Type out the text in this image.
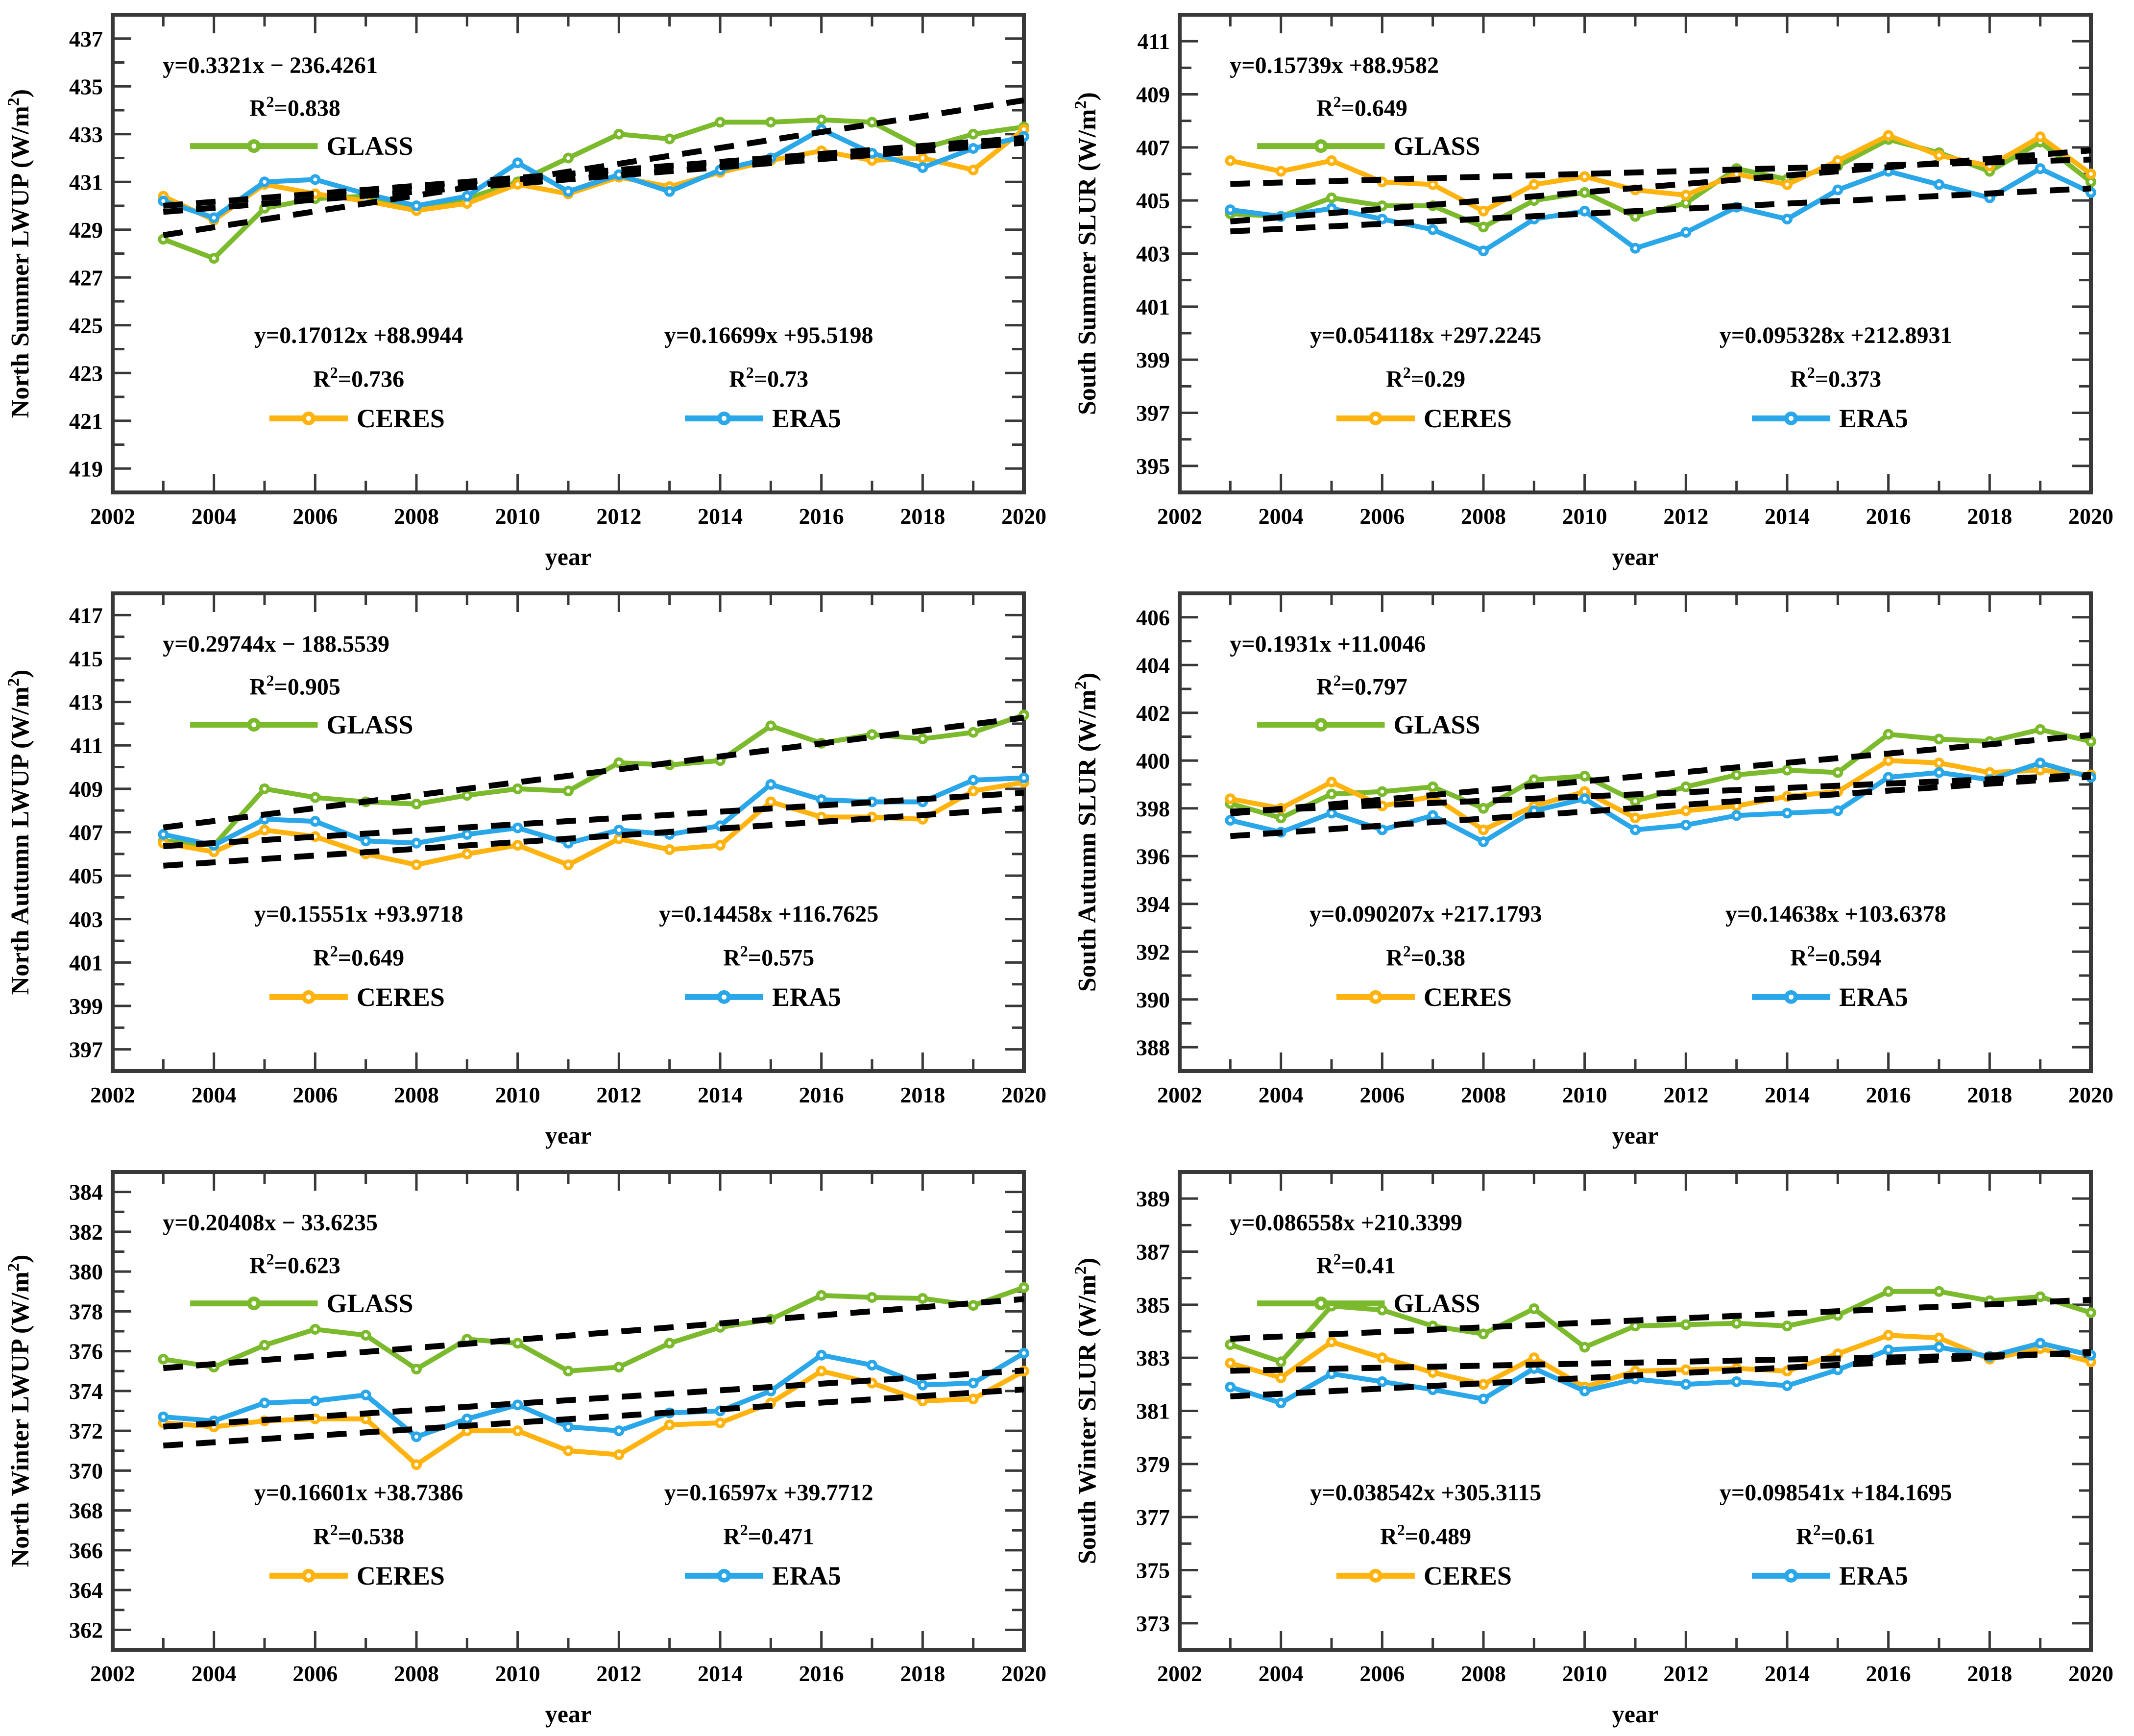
419
421
423
425
427
429
431
433
435
437
2002 2004 2006 2008 2010 2012 2014 2016 2018 2020
North Summer LWUP $(W/m^2)$
year
y=0.3321x − 236.4261
$R^2=0.838$
GLASS
y=0.17012x +88.9944
$R^2=0.736$
CERES
y=0.16699x +95.5198
$R^2=0.73$
ERA5
395
397
399
401
403
405
407
409
411
2002 2004 2006 2008 2010 2012 2014 2016 2018 2020
South Summer SLUR $(W/m^2)$
year
y=0.15739x +88.9582
$R^2=0.649$
GLASS
y=0.054118x +297.2245
$R^2=0.29$
CERES
y=0.095328x +212.8931
$R^2=0.373$
ERA5
397
399
401
403
405
407
409
411
413
415
417
2002 2004 2006 2008 2010 2012 2014 2016 2018 2020
North Autumn LWUP $(W/m^2)$
year
y=0.29744x − 188.5539
$R^2=0.905$
GLASS
y=0.15551x +93.9718
$R^2=0.649$
CERES
y=0.14458x +116.7625
$R^2=0.575$
ERA5
388
390
392
394
396
398
400
402
404
406
2002 2004 2006 2008 2010 2012 2014 2016 2018 2020
South Autumn SLUR $(W/m^2)$
year
y=0.1931x +11.0046
$R^2=0.797$
GLASS
y=0.090207x +217.1793
$R^2=0.38$
CERES
y=0.14638x +103.6378
$R^2=0.594$
ERA5
362
364
366
368
370
372
374
376
378
380
382
384
2002 2004 2006 2008 2010 2012 2014 2016 2018 2020
North Winter LWUP $(W/m^2)$
year
y=0.20408x − 33.6235
$R^2=0.623$
GLASS
y=0.16601x +38.7386
$R^2=0.538$
CERES
y=0.16597x +39.7712
$R^2=0.471$
ERA5
373
375
377
379
381
383
385
387
389
2002 2004 2006 2008 2010 2012 2014 2016 2018 2020
South Winter SLUR $(W/m^2)$
year
y=0.086558x +210.3399
$R^2=0.41$
GLASS
y=0.038542x +305.3115
$R^2=0.489$
CERES
y=0.098541x +184.1695
$R^2=0.61$
ERA5
